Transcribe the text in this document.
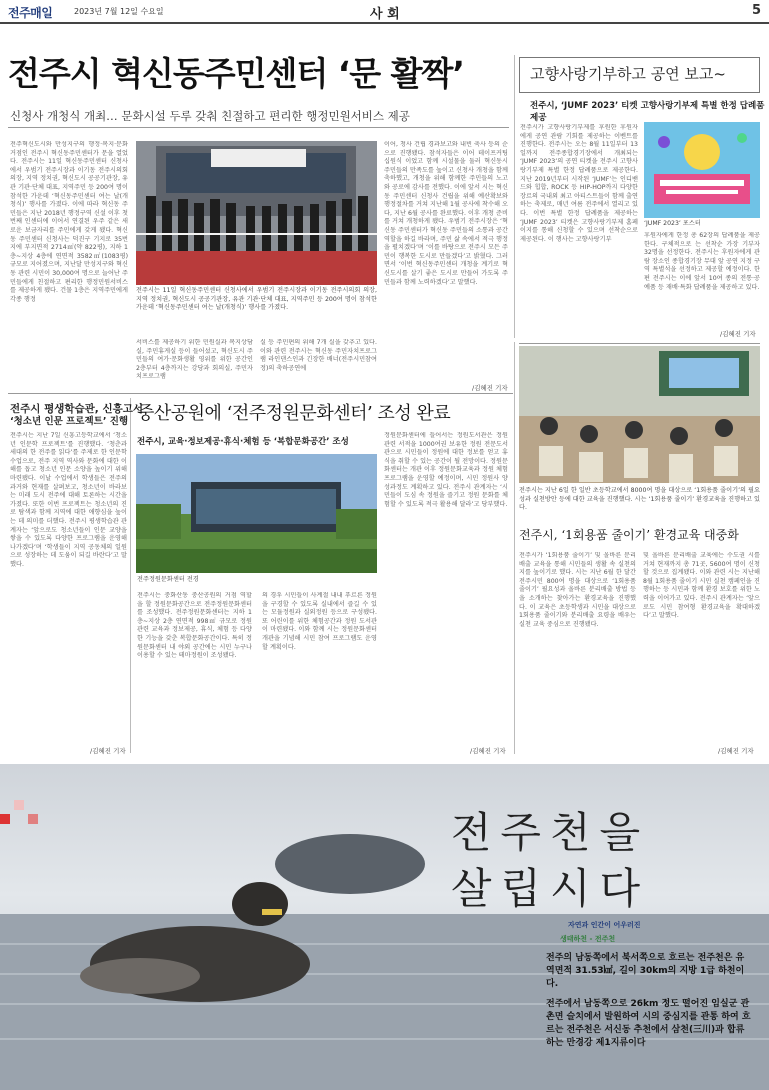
전주매일	2023년 7월 12일 수요일	사 회	5
전주시 혁신동주민센터 ‘문 활짝’
신청사 개청식 개최… 문화시설 두루 갖춰 친절하고 편리한 행정민원서비스 제공
고향사랑기부하고 공연 보고~
전주시, ‘JUMF 2023’ 티켓 고향사랑기부제 특별 한정 답례품 제공
전주혁신도시와 만성지구의 행정·복지·문화 거점인 전주시 혁신동주민센터가 문을 열었다. 전주시는 11일 혁신동주민센터 신청사에서 우범기 전주시장과 이기동 전주시의회 의장, 지역 정치권, 혁신도시 공공기관장, 유관 기관·단체 대표, 지역주민 등 200여 명이 참석한 가운데 ‘혁신동주민센터 여는 날(개청식)’ 행사를 가졌다. 이에 따라 혁신동 주민들은 지난 2018년 행정구역 신설 이후 첫 번째 인센터에 이어서 연결된 우주 같은 새로운 보금자리를 주민에게 갖게 됐다. 혁신동 주민센터 신청사는 덕진구 기지로 35번지에 부지면적 2714㎡(약 822평), 지하 1층~지상 4층에 연면적 3582㎡(1083평) 규모로 지어졌으며, 지난달 만성지구와 혁신동 관련 시민이 30,000여 명으로 늘어난 주민들에게 친절하고 편리한 행정민원서비스를 제공하게 됐다. 건물 1층은 지역주민에게 각종 행정
전주시는 11일 혁신동주민센터 신청사에서 우범기 전주시장과 이기동 전주시의회 의장, 지역 정치권, 혁신도시 공공기관장, 유관 기관·단체 대표, 지역주민 등 200여 명이 참석한 가운데 ‘혁신동주민센터 여는 날(개청식)’ 행사를 가졌다.
서비스를 제공하기 위한 민원실과 복지상담실, 주민휴게실 등이 들어섰고, 혁신도시 주민들의 여가·문화생활 영위를 위한 공간인 2층부터 4층까지는 강당과 회의실, 주민자치프로그램
실 등 주민편의 위해 7개 실을 갖추고 있다. 이와 관련 전주시는 혁신동 주민자치프로그램 라인댄스인과 긴장한 배너(전주시민참여정)의 축하공연에
이어, 청사 건립 경과보고와 내빈 축사 등의 순으로 진행됐다. 참석자들은 이어 테이프커팅 십원식 이었고 함께 시설물을 둘러 혁신동시 주민들의 만족도를 높이고 신청사 개청을 함께 축하했고, 개청을 위해 함께한 주민들의 노고와 공로에 감사를 전했다. 이에 앞서 시는 혁신동 주민센터 신청사 건립을 위해 예산확보와 행정절차를 거쳐 지난해 1월 공사에 착수해 오다, 지난 6월 공사를 완료했다. 이후 개청 준비를 거쳐 개청하게 됐다. 우범기 전주시장은 ‘혁신동 주민센터가 혁신동 주민들의 소통과 공간 역할을 하길 바라며, 주민 삶 속에서 적극 행정을 펼치겠다’며 ‘이를 바탕으로 전주시 모든 주민이 행복한 도시로 만들겠다’고 밝혔다. 그러면서 ‘이번 혁신동주민센터 개청을 계기로 혁신도시를 살기 좋은 도시로 만들어 가도록 주민들과 함께 노력하겠다’고 말했다.
/김혜진 기자
전주시가 고향사랑기부제를 후원한 후원자에게 공연 관람 기회를 제공하는 이벤트를 진행한다. 전주시는 오는 8월 11일부터 13일까지 전주종합경기장에서 개최되는 ‘JUMF 2023’의 공연 티켓을 전주시 고향사랑기부제 특별 한정 답례품으로 제공한다. 지난 2019년부터 시작된 ‘JUMF’는 인디밴드와 힙합, ROCK 등 HIP-HOP까지 다양한 장르의 국내외 최고 아티스트들이 함께 출연하는 축제로, 매년 여름 전주에서 열리고 있다. 이번 특별 한정 답례품을 제공하는 ‘JUMF 2023’ 티켓은 고향사랑기부제 홈페이지를 통해 신청할 수 있으며 선착순으로 제공된다. 이 행사는 고향사랑기부
‘JUMF 2023’ 포스터
후원자에게 한정 총 62장의 답례품을 제공한다. 구체적으로 는 선착순 가장 기부자 32명을 선정한다. 전주시는 후원자에게 관람 장소인 종합경기장 무대 앞 공연 지정 구역 특별석을 선정하고 제공할 예정이다. 한편 전주시는 이에 앞서 10여 종의 전통·공예품 등 재배·특화 답례품을 제공하고 있다.
/김혜진 기자
전주시 평생학습관, 신흥고서
‘청소년 인문 프로젝트’ 진행
전주시는 지난 7일 신흥고등학교에서 ‘청소년 인문학 프로젝트’를 진행했다. ‘청춘과 세대의 한 전주를 읽다’를 주제로 한 인문학 수업으로, 전주 지역 역사와 문화에 대한 이해를 돕고 청소년 인문 소양을 높이기 위해 마련됐다. 이날 수업에서 학생들은 전주의 과거와 현재를 살펴보고, 청소년이 바라보는 미래 도시 전주에 대해 토론하는 시간을 가졌다. 또한 이번 프로젝트는 청소년의 진로 탐색과 함께 지역에 대한 애향심을 높이는 데 의미를 더했다. 전주시 평생학습관 관계자는 ‘앞으로도 청소년들이 인문 교양을 쌓을 수 있도록 다양한 프로그램을 운영해 나가겠다’며 ‘학생들이 지역 공동체의 일원으로 성장하는 데 도움이 되길 바란다’고 말했다.
/김혜진 기자
중산공원에 ‘전주정원문화센터’ 조성 완료
전주시, 교육·정보제공·휴식·체험 등 ‘복합문화공간’ 조성
전주정원문화센터 전경
전주시는 중화산동 중산공원의 거점 역할을 할 정원문화공간으로 전주정원문화센터를 조성했다. 전주정원문화센터는 지하 1층~지상 2층 연면적 998㎡ 규모로 정원 관련 교육과 정보제공, 휴식, 체험 등 다양한 기능을 갖춘 복합문화공간이다. 특히 정원문화센터 내 야외 공간에는 시민 누구나 이용할 수 있는 테마정원이 조성됐다.
의 경우 시민들이 사계절 내내 푸르른 정원을 구경할 수 있도록 실내에서 즐길 수 있는 모듈정원과 실외정원 등으로 구성됐다. 또 어린이를 위한 체험공간과 정원 도서관이 마련됐다. 이와 함께 시는 정원문화센터 개관을 기념해 시민 참여 프로그램도 운영할 계획이다.
정원문화센터에 들어서는 정원도서관은 정원 관련 서적을 1000여권 보유한 정원 전문도서관으로 시민들이 정원에 대한 정보를 얻고 휴식을 취할 수 있는 공간이 될 전망이다. 정원문화센터는 개관 이후 정원문화교육과 정원 체험 프로그램을 운영할 예정이며, 시민 정원사 양성과정도 계획하고 있다. 전주시 관계자는 ‘시민들이 도심 속 정원을 즐기고 정원 문화를 체험할 수 있도록 적극 활용해 달라’고 당부했다.
/김혜진 기자
전주시는 지난 6일 한 일반 초등학교에서 8000여 명을 대상으로 ‘1회용품 줄이기’의 필요성과 실천방안 등에 대한 교육을 진행했다. 시는 ‘1회용품 줄이기’ 환경교육을 진행하고 있다.
전주시, ‘1회용품 줄이기’ 환경교육 대중화
전주시가 ‘1회용품 줄이기’ 및 올바른 분리배출 교육을 통해 시민들의 생활 속 실천의지를 높이기로 했다. 시는 지난 6월 한 달간 전주시민 800여 명을 대상으로 ‘1회용품 줄이기’ 필요성과 올바른 분리배출 방법 등을 소개하는 찾아가는 환경교육을 진행했다. 이 교육은 초등학생과 시민을 대상으로 1회용품 줄이기와 분리배출 요령을 배우는 실천 교육 중심으로 진행됐다.
및 올바른 분리배출 교육에는 수도권 시를 거쳐 현재까지 총 71곳, 5600여 명이 신청할 것으로 집계됐다. 이와 관련 시는 지난해 8월 1회용품 줄이기 시민 실천 캠페인을 진행하는 등 시민과 함께 환경 보호를 위한 노력을 이어가고 있다. 전주시 관계자는 ‘앞으로도 시민 참여형 환경교육을 확대하겠다’고 말했다.
/김혜진 기자
전주천을
살립시다
자연과 인간이 어우러진
생태하천 - 전주천
전주의 남동쪽에서 북서쪽으로 흐르는 전주천은 유역면적 31.53㎢, 길이 30km의 지방 1급 하천이다.
전주에서 남동쪽으로 26km 정도 떨어진 임실군 관촌면 슬치에서 발원하여 시의 중심지를 관통 하여 흐르는 전주천은 서신동 추천에서 삼천(三川)과 합류하는 만경강 제1지류이다
